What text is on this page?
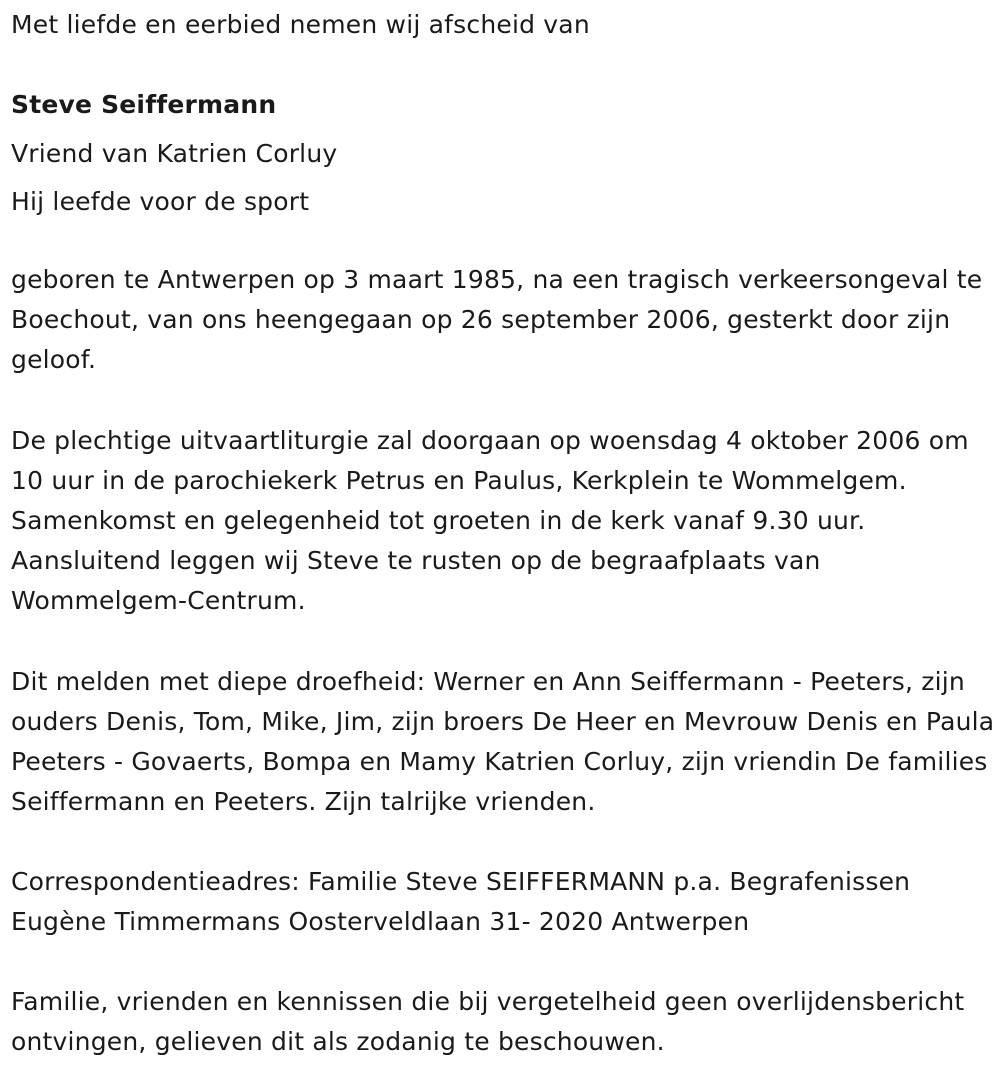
Met liefde en eerbied nemen wij afscheid van
Steve Seiffermann
Vriend van Katrien Corluy
Hij leefde voor de sport

geboren te Antwerpen op 3 maart 1985, na een tragisch verkeersongeval te Boechout, van ons heengegaan op 26 september 2006, gesterkt door zijn geloof.

De plechtige uitvaartliturgie zal doorgaan op woensdag 4 oktober 2006 om 10 uur in de parochiekerk Petrus en Paulus, Kerkplein te Wommelgem. Samenkomst en gelegenheid tot groeten in de kerk vanaf 9.30 uur. Aansluitend leggen wij Steve te rusten op de begraafplaats van Wommelgem-Centrum.

Dit melden met diepe droefheid: Werner en Ann Seiffermann - Peeters, zijn ouders Denis, Tom, Mike, Jim, zijn broers De Heer en Mevrouw Denis en Paula Peeters - Govaerts, Bompa en Mamy Katrien Corluy, zijn vriendin De families Seiffermann en Peeters. Zijn talrijke vrienden.

Correspondentieadres: Familie Steve SEIFFERMANN p.a. Begrafenissen Eugène Timmermans Oosterveldlaan 31- 2020 Antwerpen

Familie, vrienden en kennissen die bij vergetelheid geen overlijdensbericht ontvingen, gelieven dit als zodanig te beschouwen.
